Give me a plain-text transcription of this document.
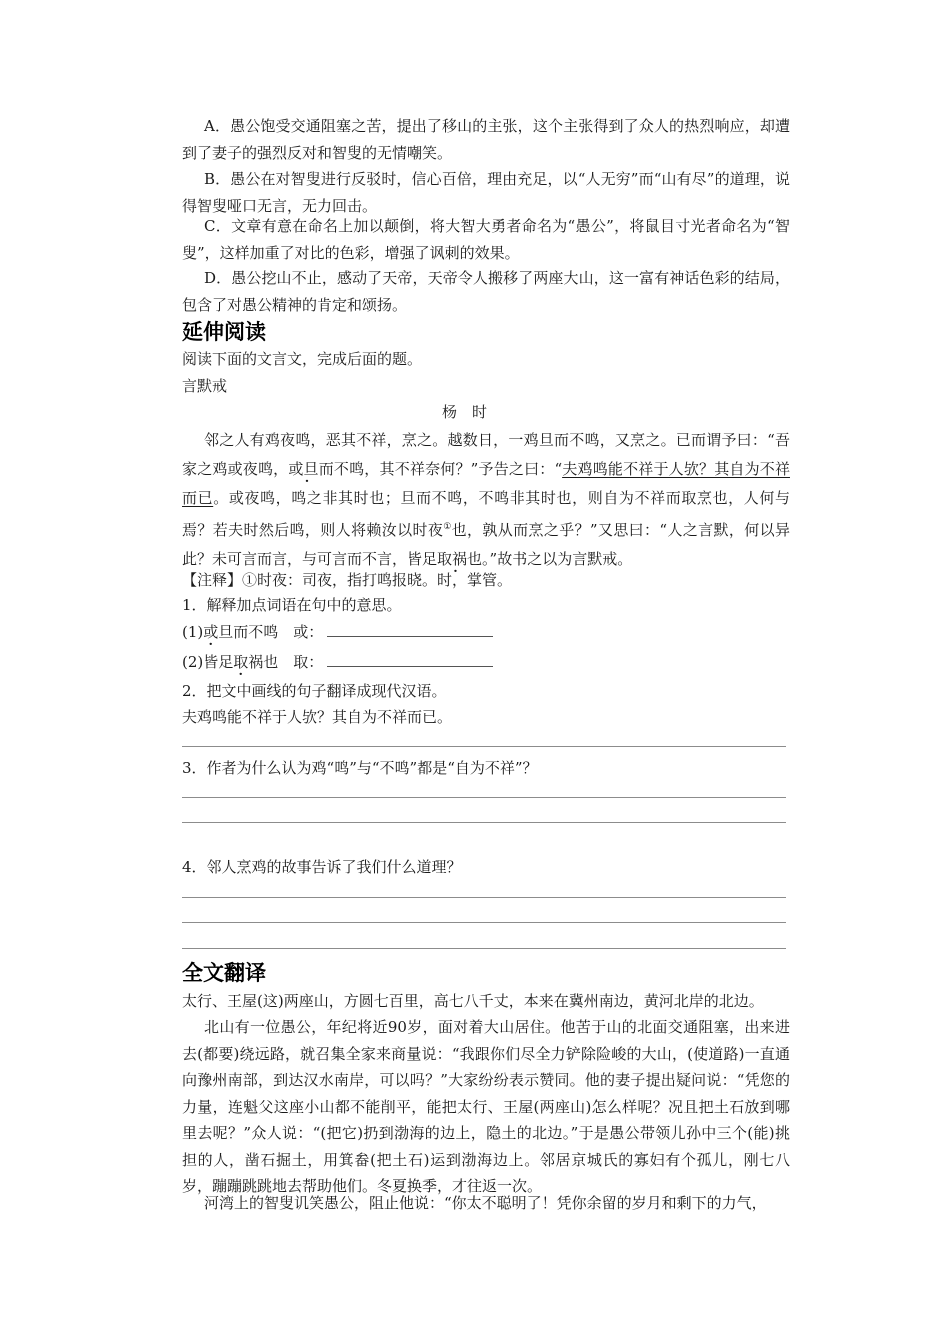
A．愚公饱受交通阻塞之苦，提出了移山的主张，这个主张得到了众人的热烈响应，却遭到了妻子的强烈反对和智叟的无情嘲笑。
B．愚公在对智叟进行反驳时，信心百倍，理由充足，以“人无穷”而“山有尽”的道理，说得智叟哑口无言，无力回击。
C．文章有意在命名上加以颠倒，将大智大勇者命名为“愚公”，将鼠目寸光者命名为“智叟”，这样加重了对比的色彩，增强了讽刺的效果。
D．愚公挖山不止，感动了天帝，天帝令人搬移了两座大山，这一富有神话色彩的结局，包含了对愚公精神的肯定和颂扬。
延伸阅读
阅读下面的文言文，完成后面的题。
言默戒
杨　时
邻之人有鸡夜鸣，恶其不祥，烹之。越数日，一鸡旦而不鸣，又烹之。已而谓予曰：“吾家之鸡或夜鸣，或旦而不鸣，其不祥奈何？”予告之曰：“夫鸡鸣能不祥于人欤？其自为不祥而已。或夜鸣，鸣之非其时也；旦而不鸣，不鸣非其时也，则自为不祥而取烹也，人何与焉？若夫时然后鸣，则人将赖汝以时夜①也，孰从而烹之乎？”又思曰：“人之言默，何以异此？未可言而言，与可言而不言，皆足取祸也。”故书之以为言默戒。
【注释】①时夜：司夜，指打鸣报晓。时，掌管。
1．解释加点词语在句中的意思。
(1)或旦而不鸣　或：
(2)皆足取祸也　取：
2．把文中画线的句子翻译成现代汉语。
夫鸡鸣能不祥于人欤？其自为不祥而已。
3．作者为什么认为鸡“鸣”与“不鸣”都是“自为不祥”？
4．邻人烹鸡的故事告诉了我们什么道理？
全文翻译
太行、王屋(这)两座山，方圆七百里，高七八千丈，本来在冀州南边，黄河北岸的北边。
北山有一位愚公，年纪将近90岁，面对着大山居住。他苦于山的北面交通阻塞，出来进去(都要)绕远路，就召集全家来商量说：“我跟你们尽全力铲除险峻的大山，(使道路)一直通向豫州南部，到达汉水南岸，可以吗？”大家纷纷表示赞同。他的妻子提出疑问说：“凭您的力量，连魁父这座小山都不能削平，能把太行、王屋(两座山)怎么样呢？况且把土石放到哪里去呢？”众人说：“(把它)扔到渤海的边上，隐土的北边。”于是愚公带领儿孙中三个(能)挑担的人，凿石掘土，用箕畚(把土石)运到渤海边上。邻居京城氏的寡妇有个孤儿，刚七八岁，蹦蹦跳跳地去帮助他们。冬夏换季，才往返一次。
河湾上的智叟讥笑愚公，阻止他说：“你太不聪明了！凭你余留的岁月和剩下的力气，
